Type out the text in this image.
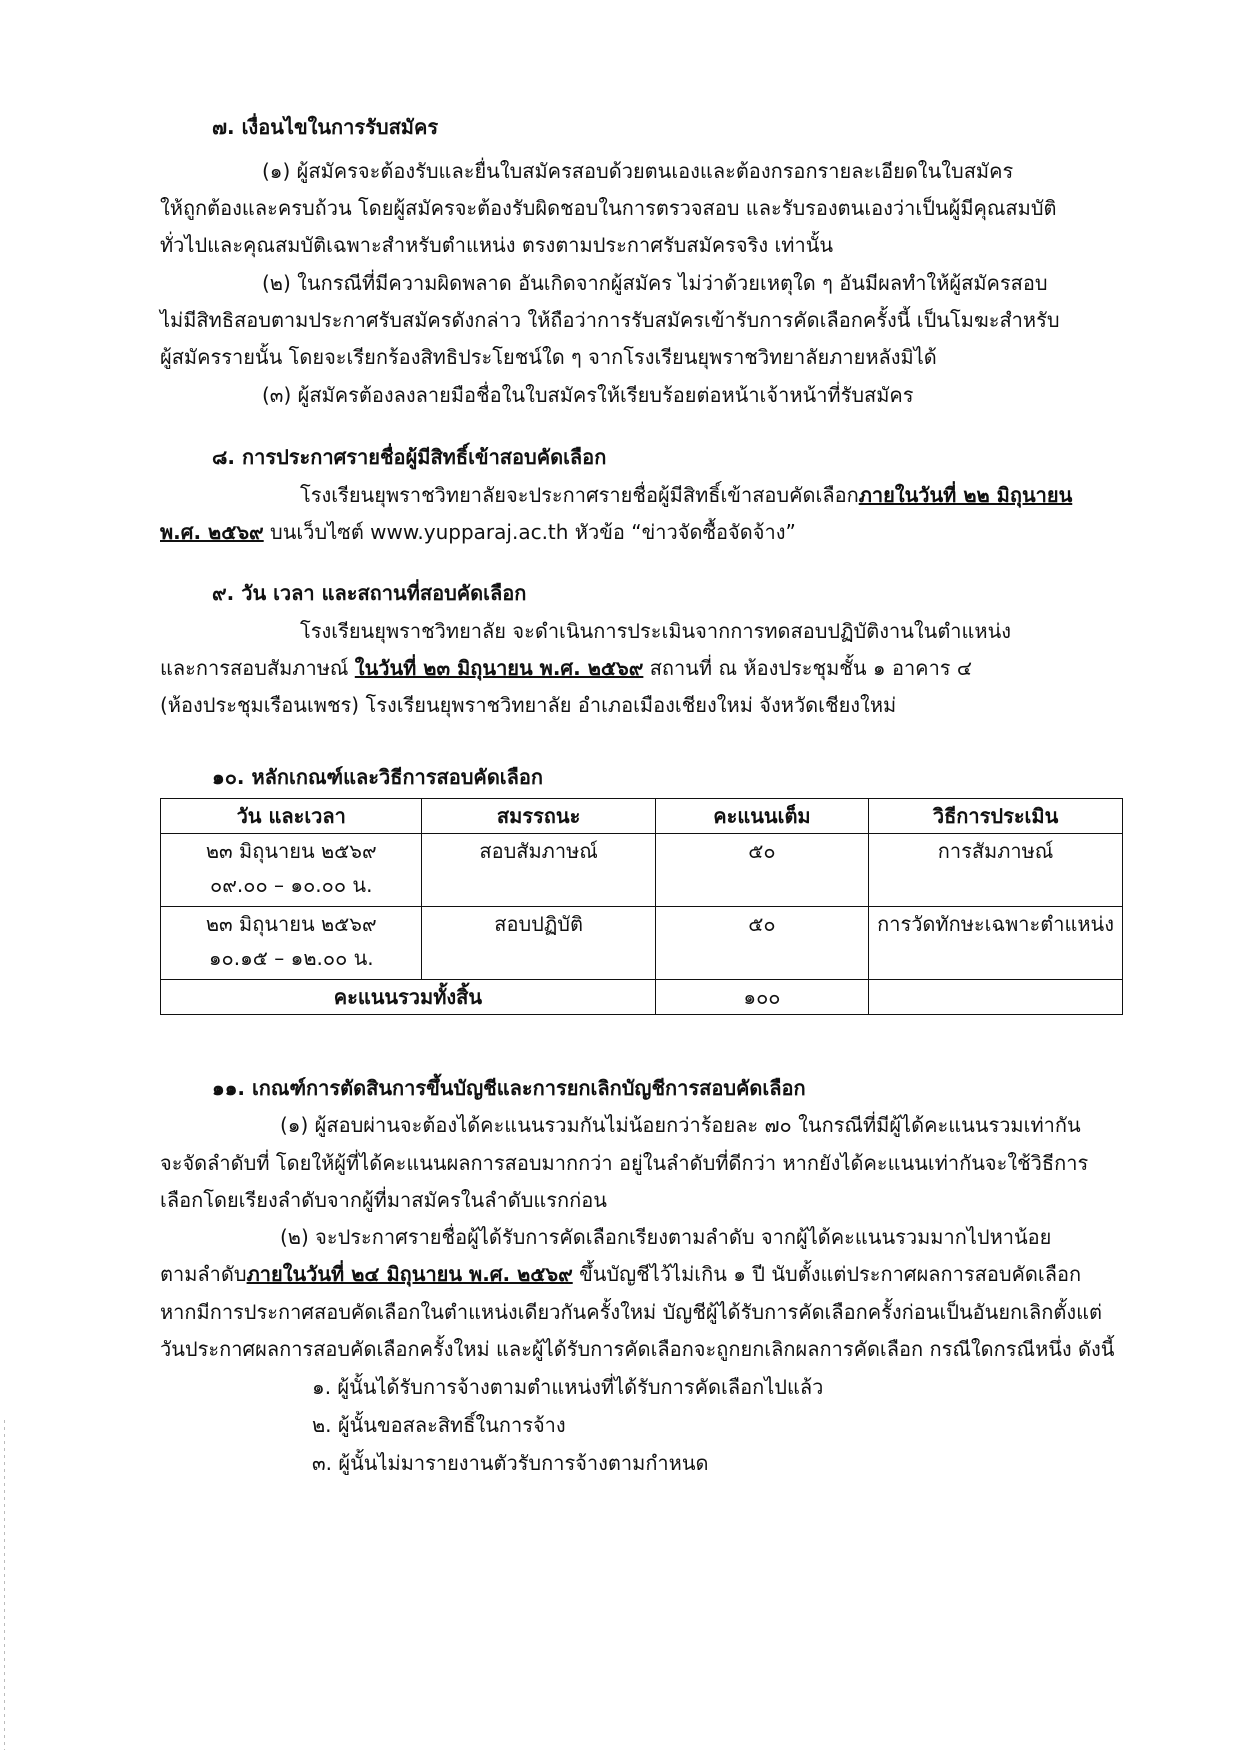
๗. เงื่อนไขในการรับสมัคร
(๑) ผู้สมัครจะต้องรับและยื่นใบสมัครสอบด้วยตนเองและต้องกรอกรายละเอียดในใบสมัคร
ให้ถูกต้องและครบถ้วน โดยผู้สมัครจะต้องรับผิดชอบในการตรวจสอบ และรับรองตนเองว่าเป็นผู้มีคุณสมบัติ
ทั่วไปและคุณสมบัติเฉพาะสำหรับตำแหน่ง ตรงตามประกาศรับสมัครจริง เท่านั้น
(๒) ในกรณีที่มีความผิดพลาด อันเกิดจากผู้สมัคร ไม่ว่าด้วยเหตุใด ๆ อันมีผลทำให้ผู้สมัครสอบ
ไม่มีสิทธิสอบตามประกาศรับสมัครดังกล่าว ให้ถือว่าการรับสมัครเข้ารับการคัดเลือกครั้งนี้ เป็นโมฆะสำหรับ
ผู้สมัครรายนั้น โดยจะเรียกร้องสิทธิประโยชน์ใด ๆ จากโรงเรียนยุพราชวิทยาลัยภายหลังมิได้
(๓) ผู้สมัครต้องลงลายมือชื่อในใบสมัครให้เรียบร้อยต่อหน้าเจ้าหน้าที่รับสมัคร
๘. การประกาศรายชื่อผู้มีสิทธิ์เข้าสอบคัดเลือก
โรงเรียนยุพราชวิทยาลัยจะประกาศรายชื่อผู้มีสิทธิ์เข้าสอบคัดเลือกภายในวันที่ ๒๒ มิถุนายน
พ.ศ. ๒๕๖๙ บนเว็บไซต์ www.yupparaj.ac.th หัวข้อ “ข่าวจัดซื้อจัดจ้าง”
๙. วัน เวลา และสถานที่สอบคัดเลือก
โรงเรียนยุพราชวิทยาลัย จะดำเนินการประเมินจากการทดสอบปฏิบัติงานในตำแหน่ง
และการสอบสัมภาษณ์ ในวันที่ ๒๓ มิถุนายน พ.ศ. ๒๕๖๙ สถานที่ ณ ห้องประชุมชั้น ๑ อาคาร ๔
(ห้องประชุมเรือนเพชร) โรงเรียนยุพราชวิทยาลัย อำเภอเมืองเชียงใหม่ จังหวัดเชียงใหม่
๑๐. หลักเกณฑ์และวิธีการสอบคัดเลือก
วัน และเวลา	สมรรถนะ	คะแนนเต็ม	วิธีการประเมิน

๒๓ มิถุนายน ๒๕๖๙
๐๙.๐๐ – ๑๐.๐๐ น.	สอบสัมภาษณ์	๕๐	การสัมภาษณ์

๒๓ มิถุนายน ๒๕๖๙
๑๐.๑๕ – ๑๒.๐๐ น.	สอบปฏิบัติ	๕๐	การวัดทักษะเฉพาะตำแหน่ง
คะแนนรวมทั้งสิ้น		๑๐๐	
๑๑. เกณฑ์การตัดสินการขึ้นบัญชีและการยกเลิกบัญชีการสอบคัดเลือก
(๑) ผู้สอบผ่านจะต้องได้คะแนนรวมกันไม่น้อยกว่าร้อยละ ๗๐ ในกรณีที่มีผู้ได้คะแนนรวมเท่ากัน
จะจัดลำดับที่ โดยให้ผู้ที่ได้คะแนนผลการสอบมากกว่า อยู่ในลำดับที่ดีกว่า หากยังได้คะแนนเท่ากันจะใช้วิธีการ
เลือกโดยเรียงลำดับจากผู้ที่มาสมัครในลำดับแรกก่อน
(๒) จะประกาศรายชื่อผู้ได้รับการคัดเลือกเรียงตามลำดับ จากผู้ได้คะแนนรวมมากไปหาน้อย
ตามลำดับภายในวันที่ ๒๔ มิถุนายน พ.ศ. ๒๕๖๙ ขึ้นบัญชีไว้ไม่เกิน ๑ ปี นับตั้งแต่ประกาศผลการสอบคัดเลือก
หากมีการประกาศสอบคัดเลือกในตำแหน่งเดียวกันครั้งใหม่ บัญชีผู้ได้รับการคัดเลือกครั้งก่อนเป็นอันยกเลิกตั้งแต่
วันประกาศผลการสอบคัดเลือกครั้งใหม่ และผู้ได้รับการคัดเลือกจะถูกยกเลิกผลการคัดเลือก กรณีใดกรณีหนึ่ง ดังนี้
๑. ผู้นั้นได้รับการจ้างตามตำแหน่งที่ได้รับการคัดเลือกไปแล้ว
๒. ผู้นั้นขอสละสิทธิ์ในการจ้าง
๓. ผู้นั้นไม่มารายงานตัวรับการจ้างตามกำหนด
